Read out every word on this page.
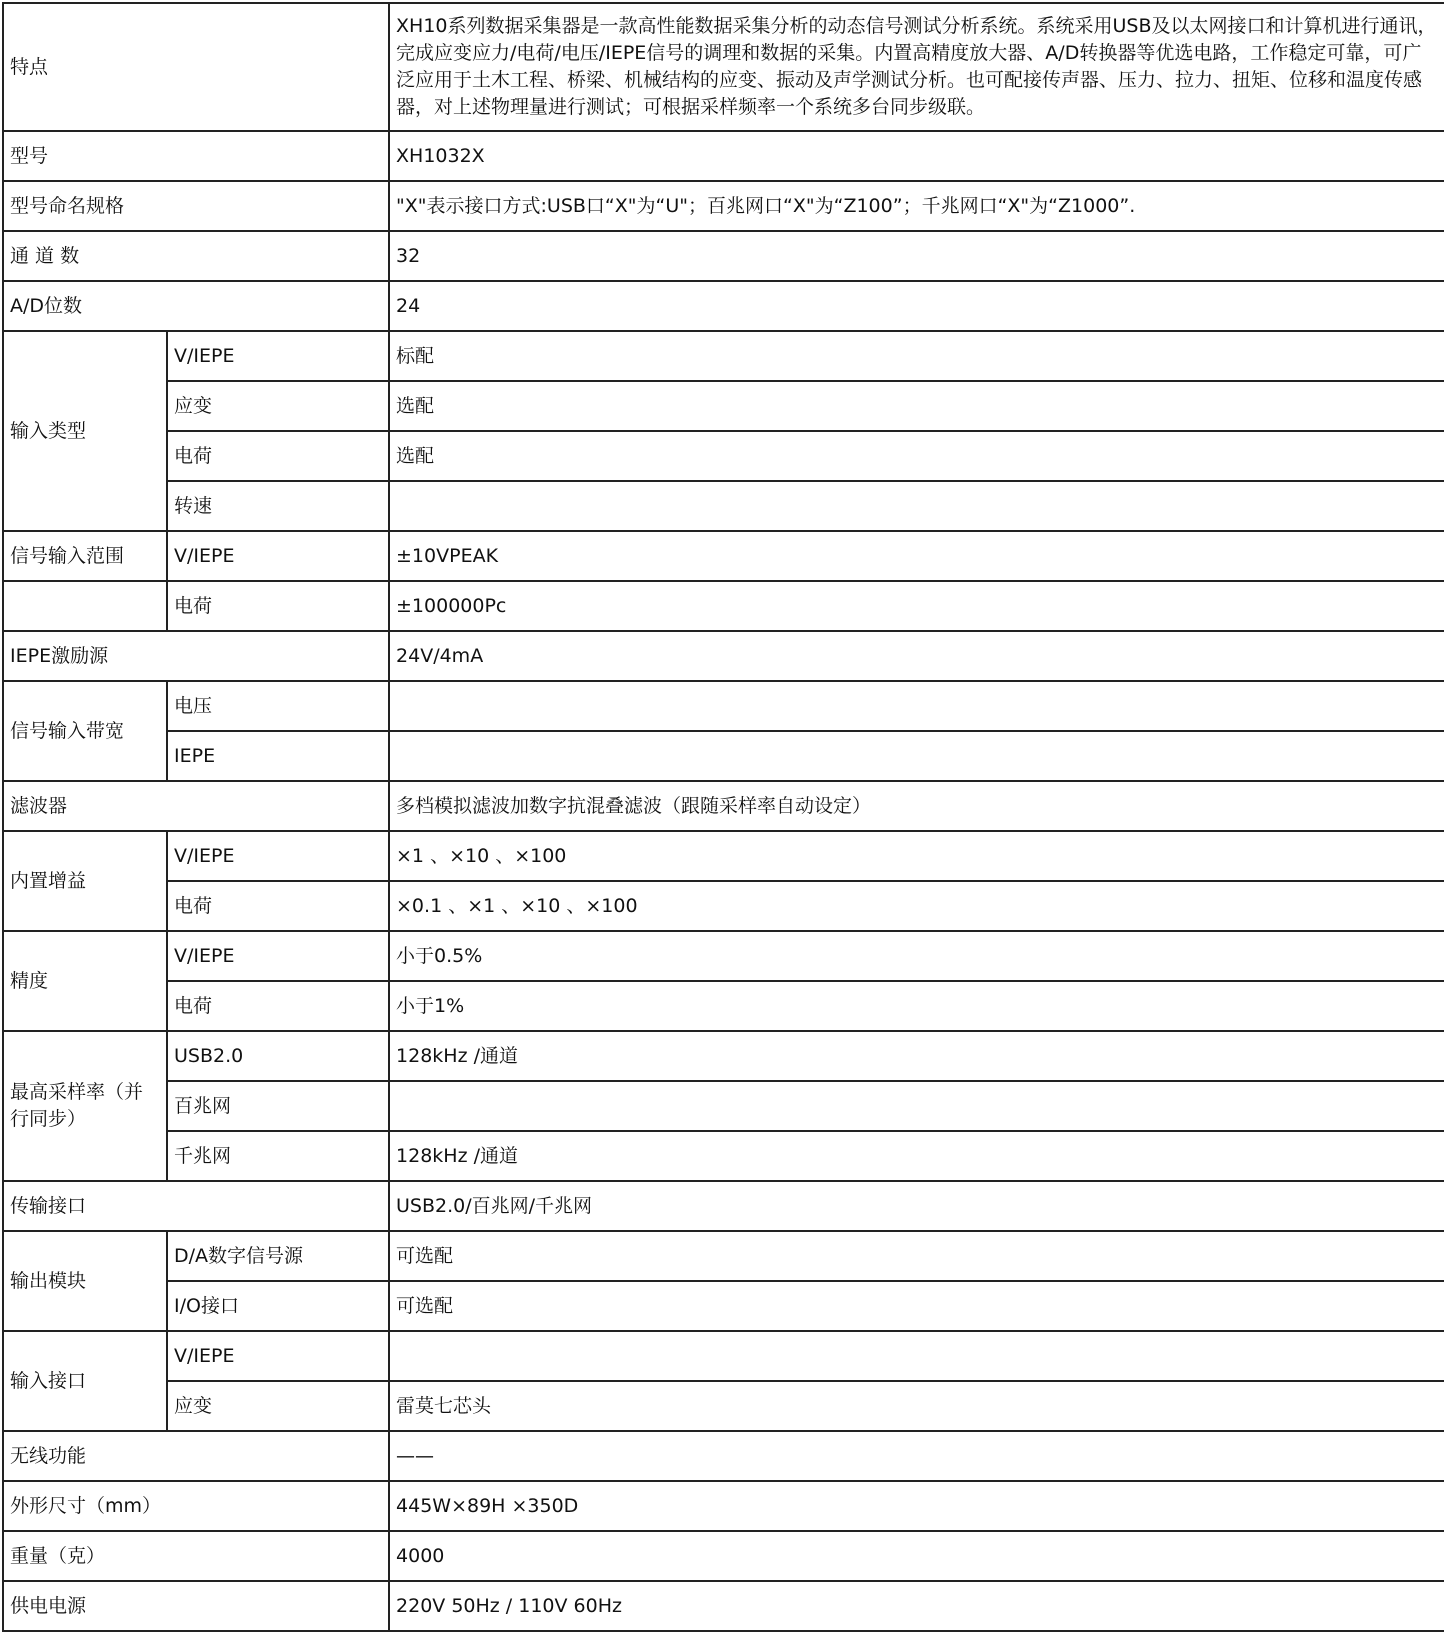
特点		XH10系列数据采集器是一款高性能数据采集分析的动态信号测试分析系统。系统采用USB及以太网接口和计算机进行通讯，完成应变应力/电荷/电压/IEPE信号的调理和数据的采集。内置高精度放大器、A/D转换器等优选电路，工作稳定可靠，可广泛应用于土木工程、桥梁、机械结构的应变、振动及声学测试分析。也可配接传声器、压力、拉力、扭矩、位移和温度传感器，对上述物理量进行测试；可根据采样频率一个系统多台同步级联。
型号		XH1032X
型号命名规格		"X"表示接口方式:USB口“X"为“U"；百兆网口“X"为“Z100”；千兆网口“X"为“Z1000”.
通 道 数		32
A/D位数		24
输入类型	V/IEPE	标配
	应变	选配
	电荷	选配
	转速	
信号输入范围	V/IEPE	±10VPEAK
	电荷	±100000Pc
IEPE激励源		24V/4mA
信号输入带宽	电压	
	IEPE	
滤波器		多档模拟滤波加数字抗混叠滤波（跟随采样率自动设定）
内置增益	V/IEPE	×1 、×10 、×100
	电荷	×0.1 、×1 、×10 、×100
精度	V/IEPE	小于0.5%
	电荷	小于1%
最高采样率（并行同步）	USB2.0	128kHz /通道
	百兆网	
	千兆网	128kHz /通道
传输接口		USB2.0/百兆网/千兆网
输出模块	D/A数字信号源	可选配
	I/O接口	可选配
输入接口	V/IEPE	
	应变	雷莫七芯头
无线功能		——
外形尺寸（mm）		445W×89H ×350D
重量（克）		4000
供电电源		220V 50Hz / 110V 60Hz
